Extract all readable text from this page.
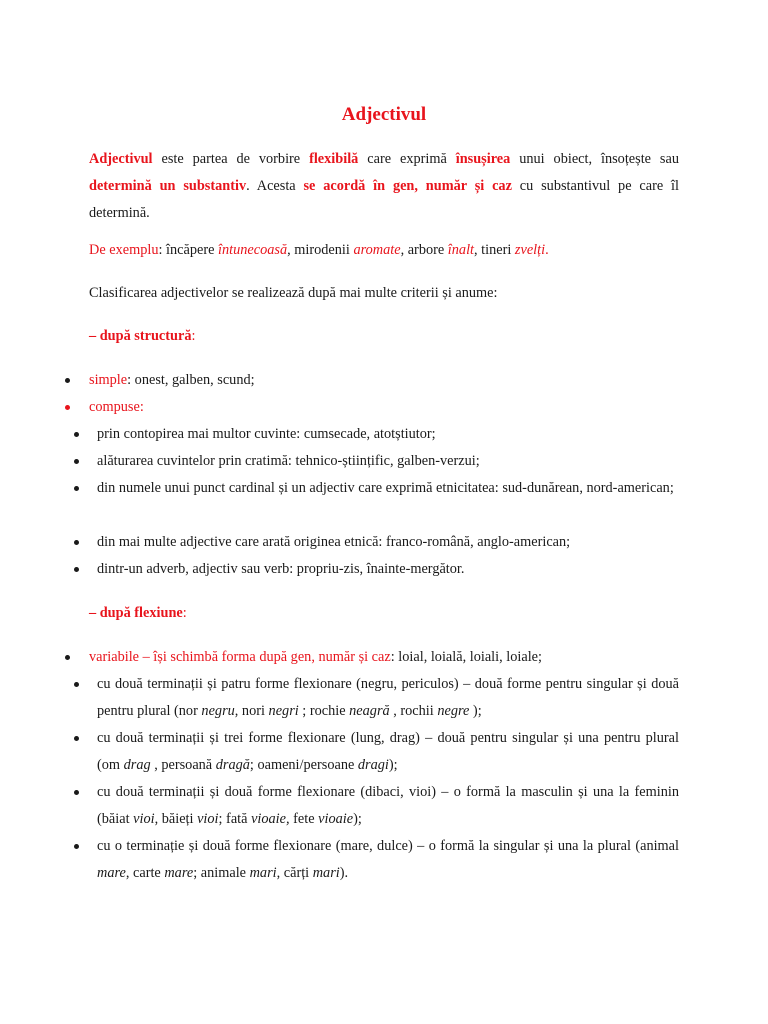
Adjectivul
Adjectivul este partea de vorbire flexibilă care exprimă însușirea unui obiect, însoțește sau determină un substantiv. Acesta se acordă în gen, număr și caz cu substantivul pe care îl determină.
De exemplu: încăpere întunecoasă, mirodenii aromate, arbore înalt, tineri zvelți.
Clasificarea adjectivelor se realizează după mai multe criterii și anume:
– după structură:
simple: onest, galben, scund;
compuse:
prin contopirea mai multor cuvinte: cumsecade, atotștiutor;
alăturarea cuvintelor prin cratimă: tehnico-științific, galben-verzui;
din numele unui punct cardinal și un adjectiv care exprimă etnicitatea: sud-dunărean, nord-american;
din mai multe adjective care arată originea etnică: franco-română, anglo-american;
dintr-un adverb, adjectiv sau verb: propriu-zis, înainte-mergător.
– după flexiune:
variabile – își schimbă forma după gen, număr și caz: loial, loială, loiali, loiale;
cu două terminații și patru forme flexionare (negru, periculos) – două forme pentru singular și două pentru plural (nor negru, nori negri ; rochie neagră , rochii negre );
cu două terminații și trei forme flexionare (lung, drag) – două pentru singular și una pentru plural (om drag , persoană dragă; oameni/persoane dragi);
cu două terminații și două forme flexionare (dibaci, vioi) – o formă la masculin și una la feminin (băiat vioi, băieți vioi; fată vioaie, fete vioaie);
cu o terminație și două forme flexionare (mare, dulce) – o formă la singular și una la plural (animal mare, carte mare; animale mari, cărți mari).
